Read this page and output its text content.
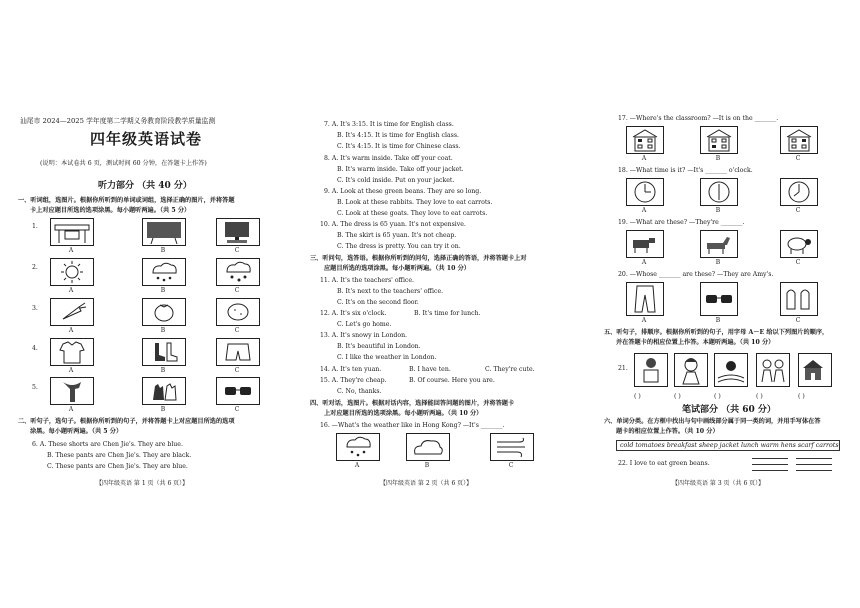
汕尾市 2024—2025 学年度第二学期义务教育阶段教学质量监测
四年级英语试卷
(说明：本试卷共 6 页，测试时间 60 分钟，在答题卡上作答)
听力部分 （共 40 分）
一、听词组，选图片。根据你所听到的单词或词组，选择正确的图片，并将答题
卡上对应题目所选的选项涂黑。每小题听两遍。（共 5 分）
1.
A	B	C
2.
A	B	C
3.
A	B	C
4.
A	B	C
5.
A	B	C
二、听句子，选句子。根据你所听到的句子，并将答题卡上对应题目所选的选项
涂黑。每小题听两遍。（共 5 分）
6. A. These shorts are Chen Jie's. They are blue.
B. These pants are Chen Jie's. They are black.
C. These pants are Chen Jie's. They are blue.
【四年级英语 第 1 页（共 6 页）】
7. A. It's 3:15. It is time for English class.
B. It's 4:15. It is time for English class.
C. It's 4:15. It is time for Chinese class.
8. A. It's warm inside. Take off your coat.
B. It's warm inside. Take off your jacket.
C. It's cold inside. Put on your jacket.
9. A. Look at these green beans. They are so long.
B. Look at these rabbits. They love to eat carrots.
C. Look at these goats. They love to eat carrots.
10. A. The dress is 65 yuan. It's not expensive.
B. The skirt is 65 yuan. It's not cheap.
C. The dress is pretty. You can try it on.
三、听问句，选答语。根据你所听到的问句，选择正确的答语，并将答题卡上对
应题目所选的选项涂黑。每小题听两遍。（共 10 分）
11. A. It's the teachers' office.
B. It's next to the teachers' office.
C. It's on the second floor.
12. A. It's six o'clock.	B. It's time for lunch.
C. Let's go home.
13. A. It's snowy in London.
B. It's beautiful in London.
C. I like the weather in London.
14. A. It's ten yuan.	B. I have ten.	C. They're cute.
15. A. They're cheap.	B. Of course. Here you are.
C. No, thanks.
四、听对话，选图片。根据对话内容，选择能回答问题的图片，并将答题卡
上对应题目所选的选项涂黑。每小题听两遍。（共 10 分）
16. —What's the weather like in Hong Kong? —It's _______.
A	B	C
【四年级英语 第 2 页（共 6 页）】
17. —Where's the classroom? —It is on the _______.
A	B	C
18. —What time is it? —It's _______ o'clock.
A	B	C
19. —What are these? —They're _______.
A	B	C
20. —Whose _______ are these? —They are Amy's.
A	B	C
五、听句子，排顺序。根据你所听到的句子，用字母 A－E 给以下列图片的顺序，
并在答题卡的相应位置上作答。本题听两遍。（共 10 分）
21.
( )	( )	( )	( )	( )
笔试部分 （共 60 分）
六、单词分类。在方框中找出与句中画线部分属于同一类的词，并用手写体在答
题卡的相应位置上作答。（共 10 分）
cold tomatoes breakfast sheep jacket lunch warm hens scarf carrots
22. I love to eat green beans.
【四年级英语 第 3 页（共 6 页）】
